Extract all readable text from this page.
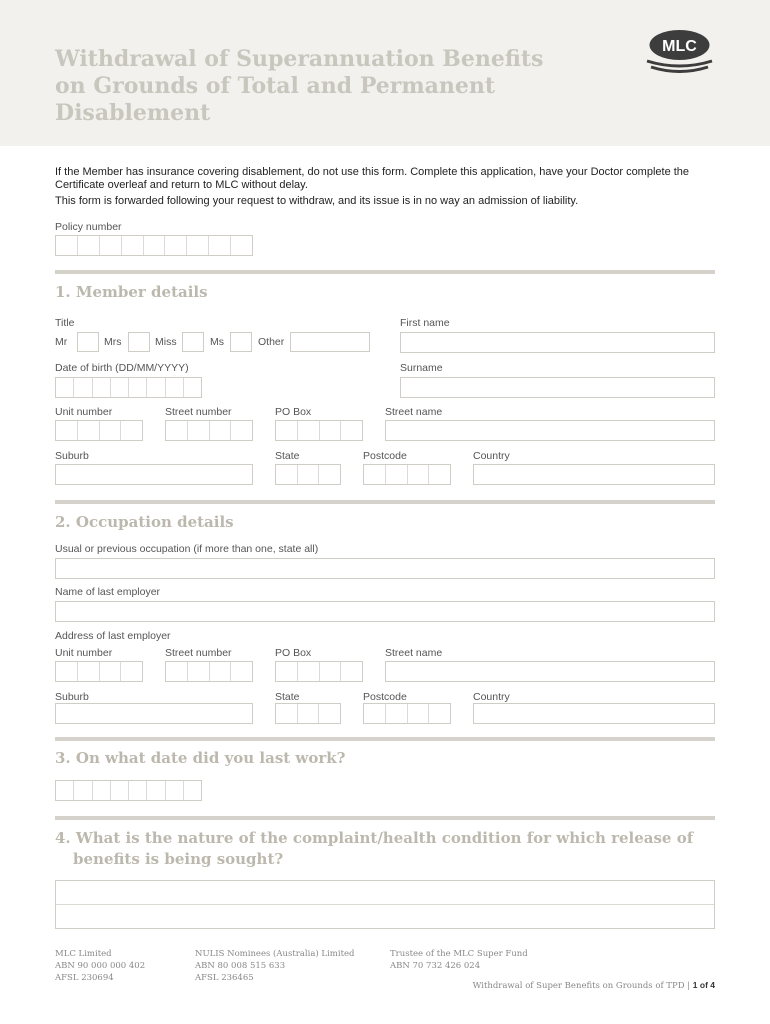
Withdrawal of Superannuation Benefits on Grounds of Total and Permanent Disablement
MLC
If the Member has insurance covering disablement, do not use this form. Complete this application, have your Doctor complete the Certificate overleaf and return to MLC without delay.
This form is forwarded following your request to withdraw, and its issue is in no way an admission of liability.
Policy number
1. Member details
Title
Mr	Mrs	Miss	Ms	Other
First name
Date of birth (DD/MM/YYYY)	Surname
Unit number	Street number	PO Box	Street name
Suburb	State	Postcode	Country
2. Occupation details
Usual or previous occupation (if more than one, state all)
Name of last employer
Address of last employer
Unit number	Street number	PO Box	Street name
Suburb	State	Postcode	Country
3. On what date did you last work?
4. What is the nature of the complaint/health condition for which release of benefits is being sought?
MLC Limited
ABN 90 000 000 402
AFSL 230694
NULIS Nominees (Australia) Limited
ABN 80 008 515 633
AFSL 236465
Trustee of the MLC Super Fund
ABN 70 732 426 024
Withdrawal of Super Benefits on Grounds of TPD | 1 of 4
